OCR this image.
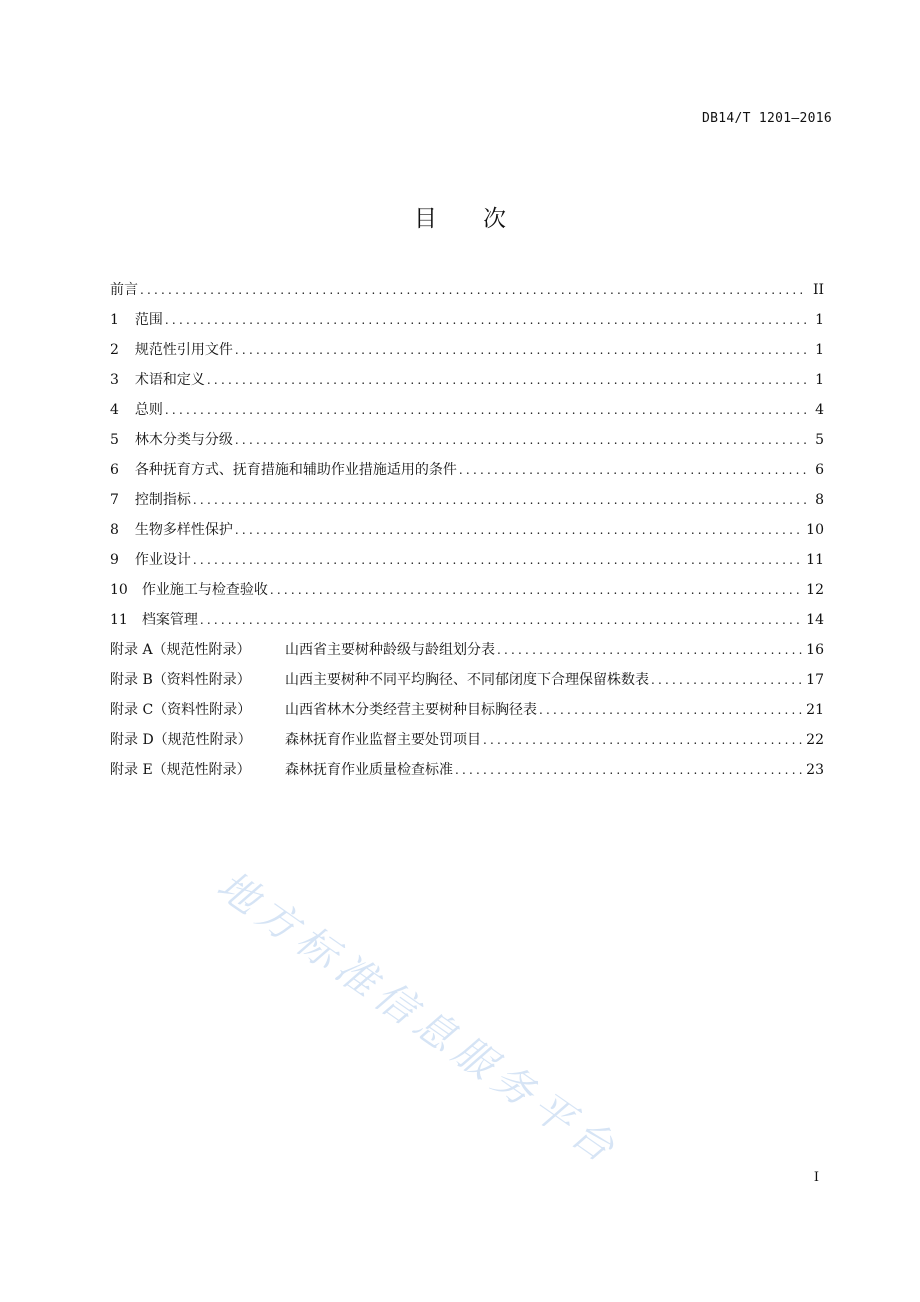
DB14/T 1201—2016
目次
前言 .....	II
1	范围 .....	1
2	规范性引用文件 .....	1
3	术语和定义 .....	1
4	总则 .....	4
5	林木分类与分级 .....	5
6	各种抚育方式、抚育措施和辅助作业措施适用的条件 .....	6
7	控制指标 .....	8
8	生物多样性保护 .....	10
9	作业设计 .....	11
10	作业施工与检查验收 .....	12
11	档案管理 .....	14
附录 A（规范性附录）	山西省主要树种龄级与龄组划分表 .....	16
附录 B（资料性附录）	山西主要树种不同平均胸径、不同郁闭度下合理保留株数表 .....	17
附录 C（资料性附录）	山西省林木分类经营主要树种目标胸径表 .....	21
附录 D（规范性附录）	森林抚育作业监督主要处罚项目 .....	22
附录 E（规范性附录）	森林抚育作业质量检查标准 .....	23
地方标准信息服务平台
I
